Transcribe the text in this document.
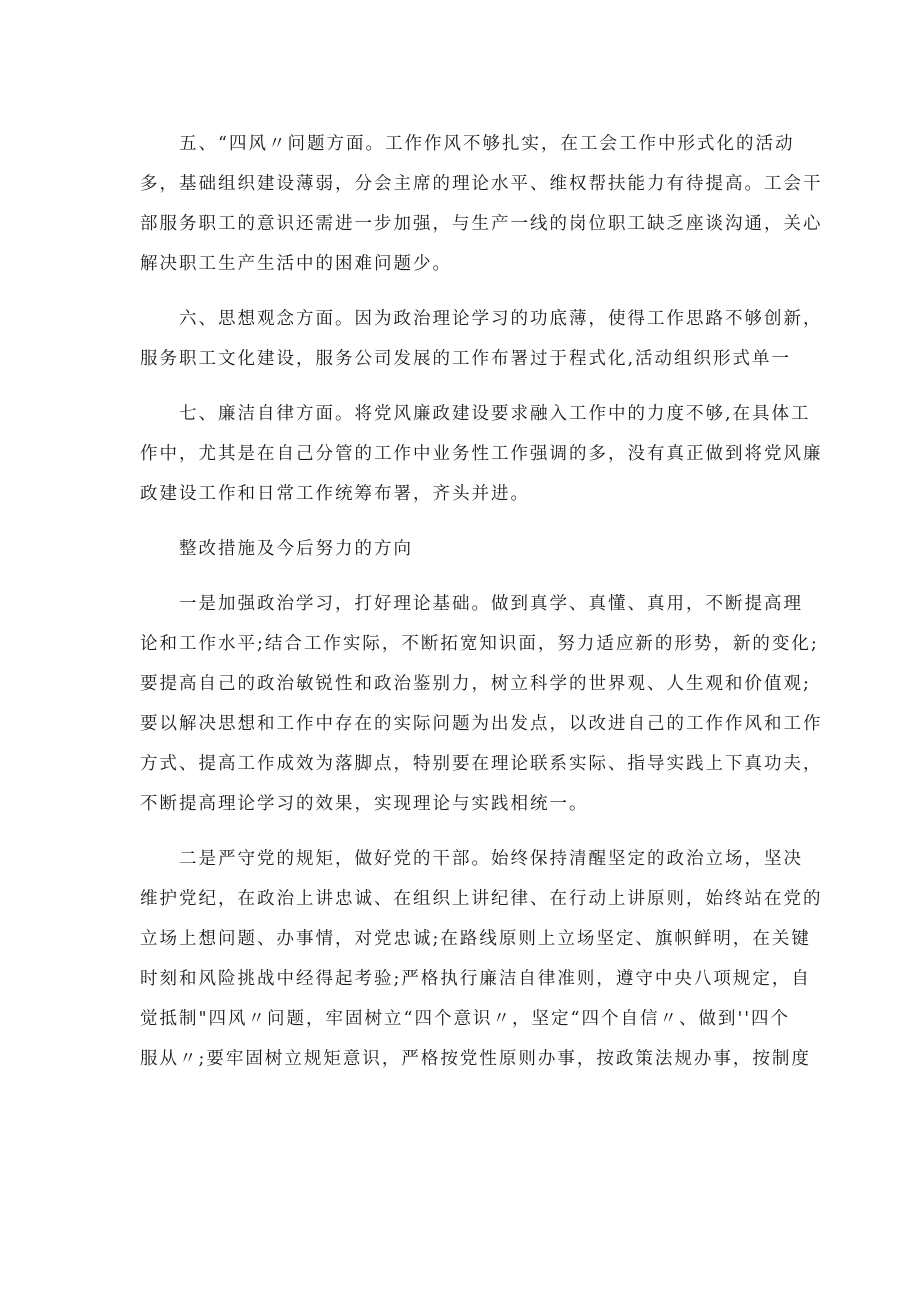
　　五、“四风〃问题方面。工作作风不够扎实，在工会工作中形式化的活动
多，基础组织建设薄弱，分会主席的理论水平、维权帮扶能力有待提高。工会干
部服务职工的意识还需进一步加强，与生产一线的岗位职工缺乏座谈沟通，关心
解决职工生产生活中的困难问题少。

　　六、思想观念方面。因为政治理论学习的功底薄，使得工作思路不够创新，
服务职工文化建设，服务公司发展的工作布署过于程式化,活动组织形式单一

　　七、廉洁自律方面。将党风廉政建设要求融入工作中的力度不够,在具体工
作中，尤其是在自己分管的工作中业务性工作强调的多，没有真正做到将党风廉
政建设工作和日常工作统筹布署，齐头并进。

　　整改措施及今后努力的方向

　　一是加强政治学习，打好理论基础。做到真学、真懂、真用，不断提高理
论和工作水平;结合工作实际，不断拓宽知识面，努力适应新的形势，新的变化;
要提高自己的政治敏锐性和政治鉴别力，树立科学的世界观、人生观和价值观;
要以解决思想和工作中存在的实际问题为出发点，以改进自己的工作作风和工作
方式、提高工作成效为落脚点，特别要在理论联系实际、指导实践上下真功夫，
不断提高理论学习的效果，实现理论与实践相统一。

　　二是严守党的规矩，做好党的干部。始终保持清醒坚定的政治立场，坚决
维护党纪，在政治上讲忠诚、在组织上讲纪律、在行动上讲原则，始终站在党的
立场上想问题、办事情，对党忠诚;在路线原则上立场坚定、旗帜鲜明，在关键
时刻和风险挑战中经得起考验;严格执行廉洁自律准则，遵守中央八项规定，自
觉抵制"四风〃问题，牢固树立“四个意识〃，坚定“四个自信〃、做到''四个
服从〃;要牢固树立规矩意识，严格按党性原则办事，按政策法规办事，按制度
